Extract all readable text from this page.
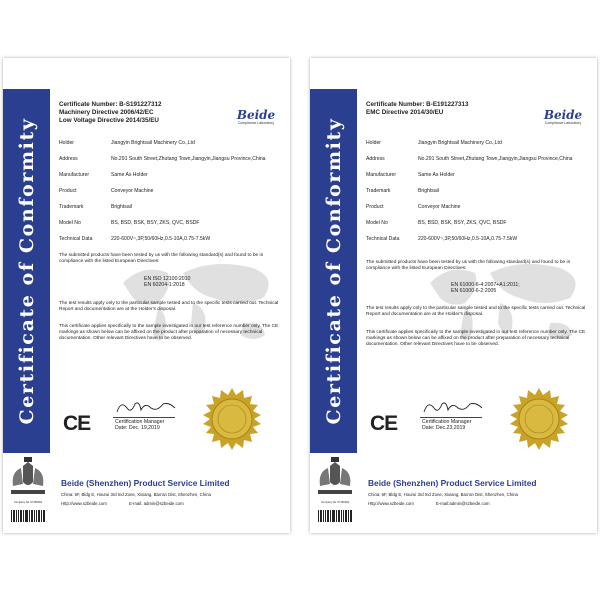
Certificate of Conformity
Certificate Number: B-S191227312
Machinery Directive 2006/42/EC
Low Voltage Directive 2014/35/EU	Beide
Compliance Laboratory
Holder	Jiangyin Brightsail Machinery Co.,Ltd
Address	No.291 South Street,Zhutang Town,Jiangyin,Jiangsu Province,China
Manufacturer	Same As Holder
Product	Conveyor Machine
Trademark	Brightsail
Model No	BS, BSD, BSK, BSY, ZKS, QVC, BSDF
Technical Data	220-600V~,3P,50/60Hz,0.5-10A,0.75-7.5kW
The submitted products have been tested by us with the following standard(s) and found to be in compliance with the listed European Directives:
EN ISO 12100:2010
EN 60204-1:2018
The test results apply only to the particular sample tested and to the specific tests carried out. Technical Report and documentation are at the Holder's disposal.
This certificate applies specifically to the sample investigated in our test reference number only. The CE markings as shown below can be affixed on the product after preparation of necessary technical documentation. Other relevant Directives have to be observed.
CE	Certification Manager
Date: Dec. 19,2019
Company No.:07181094
Beide (Shenzhen) Product Service Limited
China: 6F, Bldg E, Hourui 3rd Ind Zone, Xixiang, Bao'an Dist, Shenzhen, China
Http://www.szbeide.com	E-mail: admin@szbeide.com
Certificate of Conformity
Certificate Number: B-E191227313
EMC Directive 2014/30/EU	Beide
Compliance Laboratory
Holder	Jiangyin Brightsail Machinery Co.,Ltd
Address	No.291 South Street,Zhutang Town,Jiangyin,Jiangsu Province,China
Manufacturer	Same As Holder
Trademark	Brightsail
Product	Conveyor Machine
Model No	BS, BSD, BSK, BSY, ZKS, QVC, BSDF
Technical Data	220-600V~,3P,50/60Hz,0.5-10A,0.75-7.5kW
The submitted products have been tested by us with the following standard(s) and found to be in compliance with the listed European Directives:
EN 61000-6-4:2007+A1:2011;
EN 61000-6-2:2005
The test results apply only to the particular sample tested and to the specific tests carried out. Technical Report and documentation are at the Holder's disposal.
This certificate applies specifically to the sample investigated in our test reference number only. The CE markings as shown below can be affixed on the product after preparation of necessary technical documentation. Other relevant Directives have to be observed.
CE	Certification Manager
Date: Dec.23,2019
Company No.:07181094
Beide (Shenzhen) Product Service Limited
China: 6F, Bldg E, Hourui 3rd Ind Zone, Xixiang, Bao'an Dist, Shenzhen, China
Http://www.szbeide.com	E-mail:admin@szbeide.com
